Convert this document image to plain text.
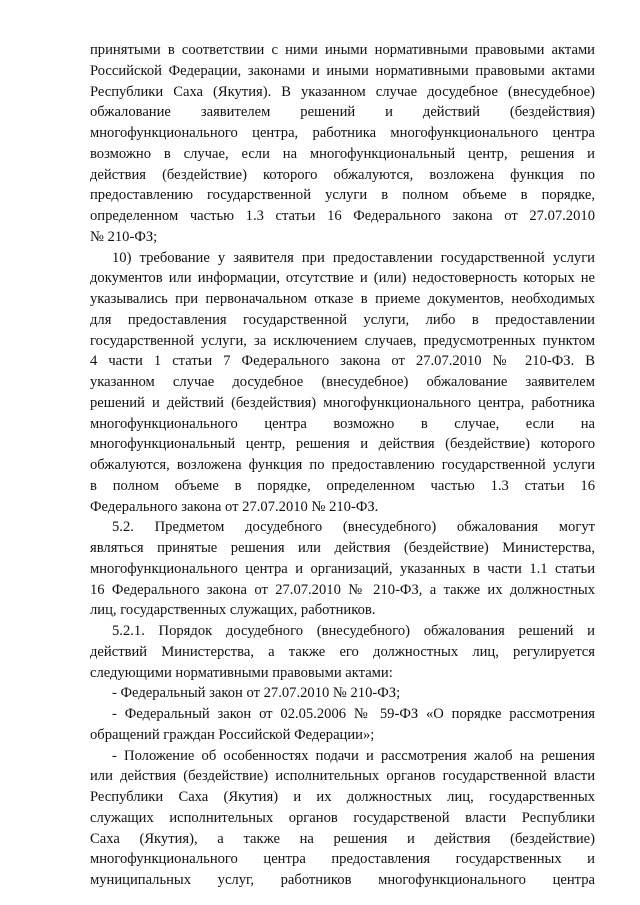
принятыми в соответствии с ними иными нормативными правовыми актами
Российской Федерации, законами и иными нормативными правовыми актами
Республики Саха (Якутия). В указанном случае досудебное (внесудебное)
обжалование заявителем решений и действий (бездействия)
многофункционального центра, работника многофункционального центра
возможно в случае, если на многофункциональный центр, решения и
действия (бездействие) которого обжалуются, возложена функция по
предоставлению государственной услуги в полном объеме в порядке,
определенном частью 1.3 статьи 16 Федерального закона от 27.07.2010
№ 210-ФЗ;
10) требование у заявителя при предоставлении государственной услуги
документов или информации, отсутствие и (или) недостоверность которых не
указывались при первоначальном отказе в приеме документов, необходимых
для предоставления государственной услуги, либо в предоставлении
государственной услуги, за исключением случаев, предусмотренных пунктом
4 части 1 статьи 7 Федерального закона от 27.07.2010 № 210-ФЗ. В
указанном случае досудебное (внесудебное) обжалование заявителем
решений и действий (бездействия) многофункционального центра, работника
многофункционального центра возможно в случае, если на
многофункциональный центр, решения и действия (бездействие) которого
обжалуются, возложена функция по предоставлению государственной услуги
в полном объеме в порядке, определенном частью 1.3 статьи 16
Федерального закона от 27.07.2010 № 210-ФЗ.
5.2. Предметом досудебного (внесудебного) обжалования могут
являться принятые решения или действия (бездействие) Министерства,
многофункционального центра и организаций, указанных в части 1.1 статьи
16 Федерального закона от 27.07.2010 № 210-ФЗ, а также их должностных
лиц, государственных служащих, работников.
5.2.1. Порядок досудебного (внесудебного) обжалования решений и
действий Министерства, а также его должностных лиц, регулируется
следующими нормативными правовыми актами:
- Федеральный закон от 27.07.2010 № 210-ФЗ;
- Федеральный закон от 02.05.2006 № 59-ФЗ «О порядке рассмотрения
обращений граждан Российской Федерации»;
- Положение об особенностях подачи и рассмотрения жалоб на решения
или действия (бездействие) исполнительных органов государственной власти
Республики Саха (Якутия) и их должностных лиц, государственных
служащих исполнительных органов государственой власти Республики
Саха (Якутия), а также на решения и действия (бездействие)
многофункционального центра предоставления государственных и
муниципальных услуг, работников многофункционального центра
